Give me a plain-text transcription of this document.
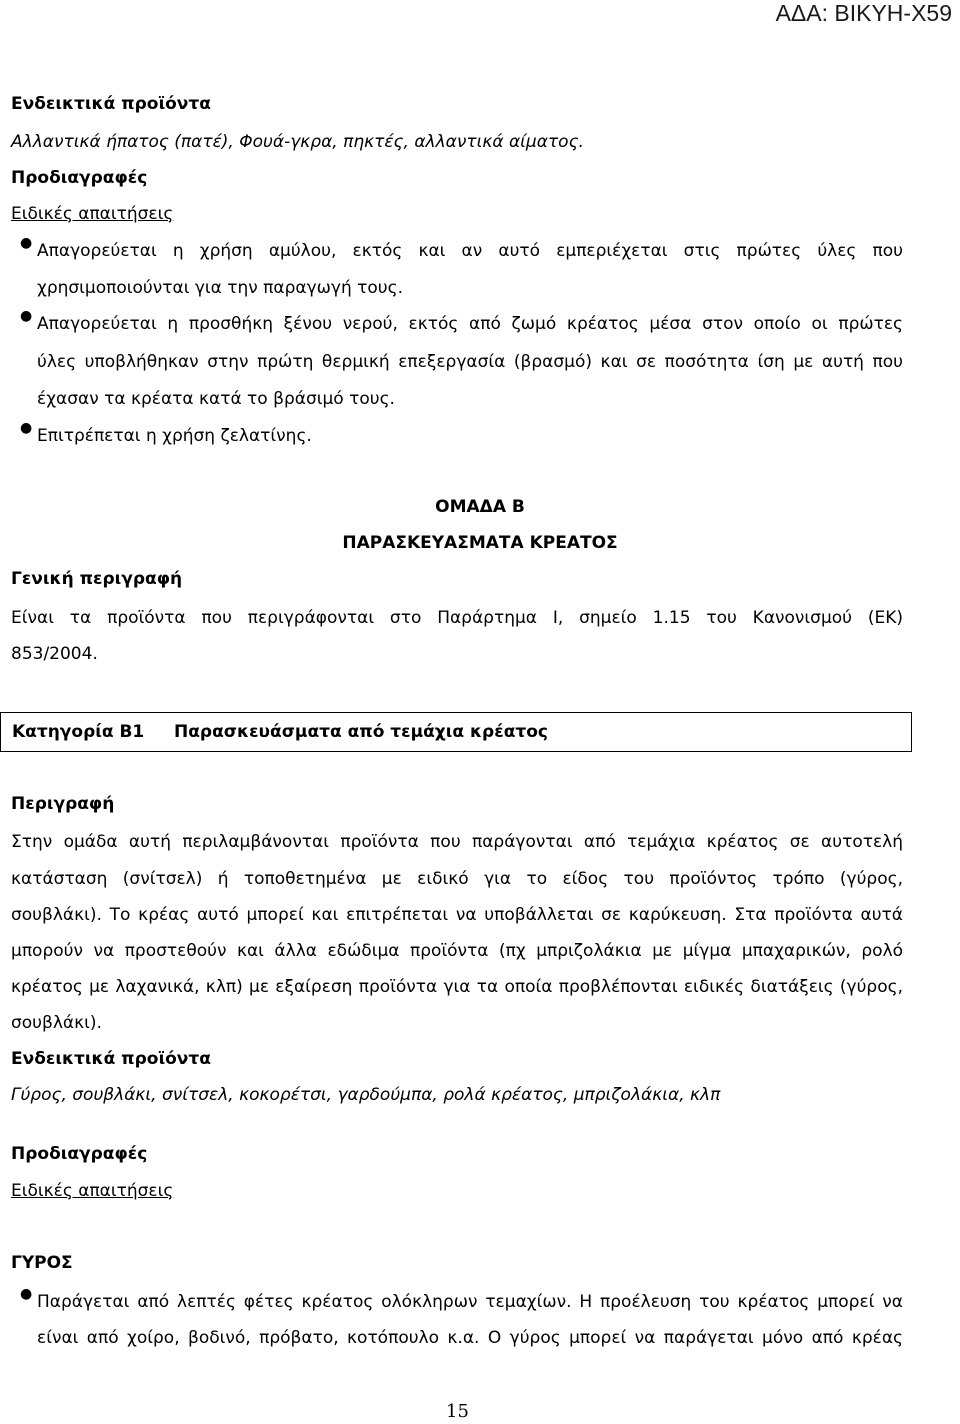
ΑΔΑ: ΒΙΚΥΗ-Χ59
Ενδεικτικά προϊόντα
Αλλαντικά ήπατος (πατέ), Φουά-γκρα, πηκτές, αλλαντικά αίματος.
Προδιαγραφές
Ειδικές απαιτήσεις
● Απαγορεύεται η χρήση αμύλου, εκτός και αν αυτό εμπεριέχεται στις πρώτες ύλες που
χρησιμοποιούνται για την παραγωγή τους.
● Απαγορεύεται η προσθήκη ξένου νερού, εκτός από ζωμό κρέατος μέσα στον οποίο οι πρώτες
ύλες υποβλήθηκαν στην πρώτη θερμική επεξεργασία (βρασμό) και σε ποσότητα ίση με αυτή που
έχασαν τα κρέατα κατά το βράσιμό τους.
● Επιτρέπεται η χρήση ζελατίνης.
ΟΜΑΔΑ Β
ΠΑΡΑΣΚΕΥΑΣΜΑΤΑ ΚΡΕΑΤΟΣ
Γενική περιγραφή
Είναι τα προϊόντα που περιγράφονται στο Παράρτημα Ι, σημείο 1.15 του Κανονισμού (ΕΚ)
853/2004.
Κατηγορία Β1 Παρασκευάσματα από τεμάχια κρέατος
Περιγραφή
Στην ομάδα αυτή περιλαμβάνονται προϊόντα που παράγονται από τεμάχια κρέατος σε αυτοτελή
κατάσταση (σνίτσελ) ή τοποθετημένα με ειδικό για το είδος του προϊόντος τρόπο (γύρος,
σουβλάκι). Το κρέας αυτό μπορεί και επιτρέπεται να υποβάλλεται σε καρύκευση. Στα προϊόντα αυτά
μπορούν να προστεθούν και άλλα εδώδιμα προϊόντα (πχ μπριζολάκια με μίγμα μπαχαρικών, ρολό
κρέατος με λαχανικά, κλπ) με εξαίρεση προϊόντα για τα οποία προβλέπονται ειδικές διατάξεις (γύρος,
σουβλάκι).
Ενδεικτικά προϊόντα
Γύρος, σουβλάκι, σνίτσελ, κοκορέτσι, γαρδούμπα, ρολά κρέατος, μπριζολάκια, κλπ
Προδιαγραφές
Ειδικές απαιτήσεις
ΓΥΡΟΣ
● Παράγεται από λεπτές φέτες κρέατος ολόκληρων τεμαχίων. Η προέλευση του κρέατος μπορεί να
είναι από χοίρο, βοδινό, πρόβατο, κοτόπουλο κ.α. Ο γύρος μπορεί να παράγεται μόνο από κρέας
15
